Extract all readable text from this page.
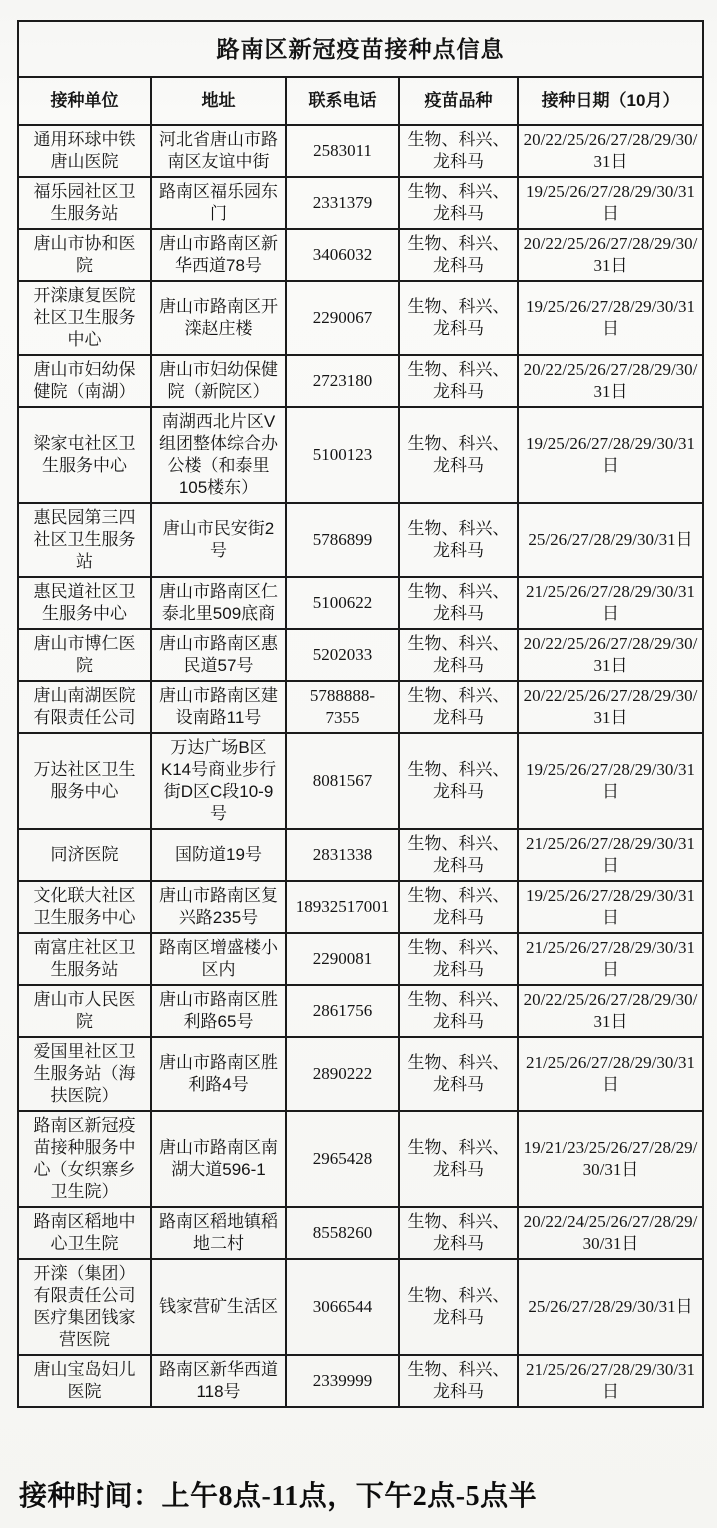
路南区新冠疫苗接种点信息				
接种单位	地址	联系电话	疫苗品种	接种日期（10月）
通用环球中铁唐山医院	河北省唐山市路南区友谊中街	2583011	生物、科兴、龙科马	20/22/25/26/27/28/29/30/31日
福乐园社区卫生服务站	路南区福乐园东门	2331379	生物、科兴、龙科马	19/25/26/27/28/29/30/31日
唐山市协和医院	唐山市路南区新华西道78号	3406032	生物、科兴、龙科马	20/22/25/26/27/28/29/30/31日
开滦康复医院社区卫生服务中心	唐山市路南区开滦赵庄楼	2290067	生物、科兴、龙科马	19/25/26/27/28/29/30/31日
唐山市妇幼保健院（南湖）	唐山市妇幼保健院（新院区）	2723180	生物、科兴、龙科马	20/22/25/26/27/28/29/30/31日
梁家屯社区卫生服务中心	南湖西北片区V组团整体综合办公楼（和泰里105楼东）	5100123	生物、科兴、龙科马	19/25/26/27/28/29/30/31日
惠民园第三四社区卫生服务站	唐山市民安街2号	5786899	生物、科兴、龙科马	25/26/27/28/29/30/31日
惠民道社区卫生服务中心	唐山市路南区仁泰北里509底商	5100622	生物、科兴、龙科马	21/25/26/27/28/29/30/31日
唐山市博仁医院	唐山市路南区惠民道57号	5202033	生物、科兴、龙科马	20/22/25/26/27/28/29/30/31日
唐山南湖医院有限责任公司	唐山市路南区建设南路11号	5788888-7355	生物、科兴、龙科马	20/22/25/26/27/28/29/30/31日
万达社区卫生服务中心	万达广场B区K14号商业步行街D区C段10-9号	8081567	生物、科兴、龙科马	19/25/26/27/28/29/30/31日
同济医院	国防道19号	2831338	生物、科兴、龙科马	21/25/26/27/28/29/30/31日
文化联大社区卫生服务中心	唐山市路南区复兴路235号	18932517001	生物、科兴、龙科马	19/25/26/27/28/29/30/31日
南富庄社区卫生服务站	路南区增盛楼小区内	2290081	生物、科兴、龙科马	21/25/26/27/28/29/30/31日
唐山市人民医院	唐山市路南区胜利路65号	2861756	生物、科兴、龙科马	20/22/25/26/27/28/29/30/31日
爱国里社区卫生服务站（海扶医院）	唐山市路南区胜利路4号	2890222	生物、科兴、龙科马	21/25/26/27/28/29/30/31日
路南区新冠疫苗接种服务中心（女织寨乡卫生院）	唐山市路南区南湖大道596-1	2965428	生物、科兴、龙科马	19/21/23/25/26/27/28/29/30/31日
路南区稻地中心卫生院	路南区稻地镇稻地二村	8558260	生物、科兴、龙科马	20/22/24/25/26/27/28/29/30/31日
开滦（集团）有限责任公司医疗集团钱家营医院	钱家营矿生活区	3066544	生物、科兴、龙科马	25/26/27/28/29/30/31日
唐山宝岛妇儿医院	路南区新华西道118号	2339999	生物、科兴、龙科马	21/25/26/27/28/29/30/31日
接种时间：上午8点-11点，下午2点-5点半
